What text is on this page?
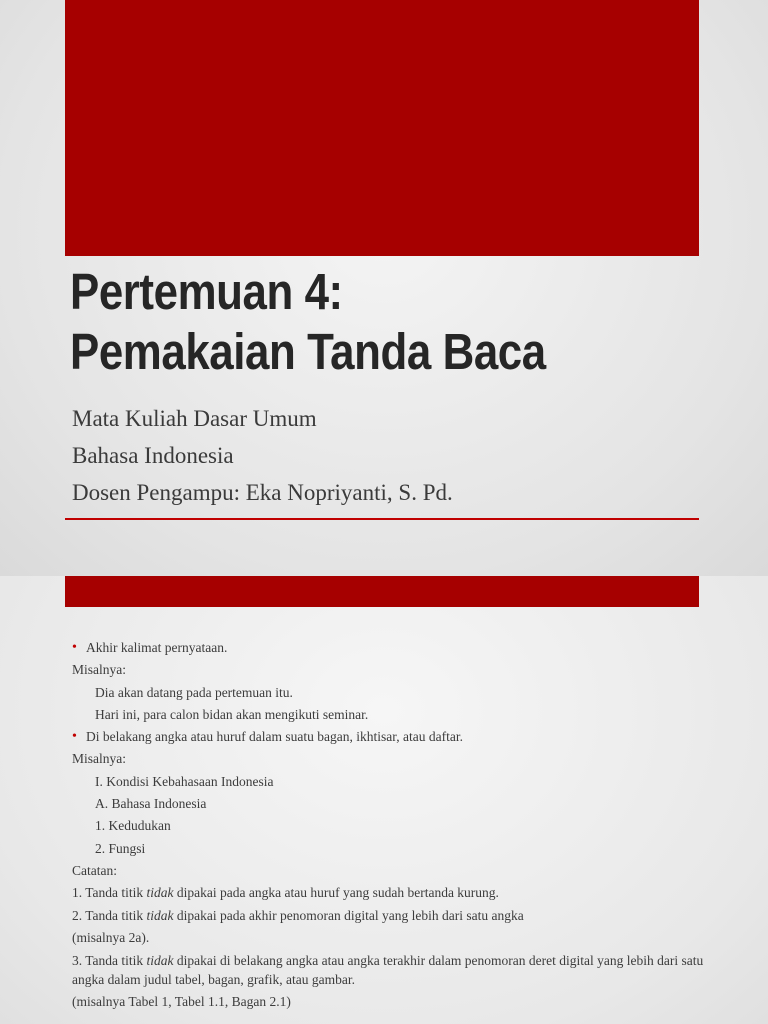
Pertemuan 4:
Pemakaian Tanda Baca
Mata Kuliah Dasar Umum
Bahasa Indonesia
Dosen Pengampu: Eka Nopriyanti, S. Pd.
• Akhir kalimat pernyataan.
Misalnya:
Dia akan datang pada pertemuan itu.
Hari ini, para calon bidan akan mengikuti seminar.
• Di belakang angka atau huruf dalam suatu bagan, ikhtisar, atau daftar.
Misalnya:
I. Kondisi Kebahasaan Indonesia
A. Bahasa Indonesia
1. Kedudukan
2. Fungsi
Catatan:
1. Tanda titik tidak dipakai pada angka atau huruf yang sudah bertanda kurung.
2. Tanda titik tidak dipakai pada akhir penomoran digital yang lebih dari satu angka
(misalnya 2a).
3. Tanda titik tidak dipakai di belakang angka atau angka terakhir dalam penomoran deret digital yang lebih dari satu angka dalam judul tabel, bagan, grafik, atau gambar.
(misalnya Tabel 1, Tabel 1.1, Bagan 2.1)
